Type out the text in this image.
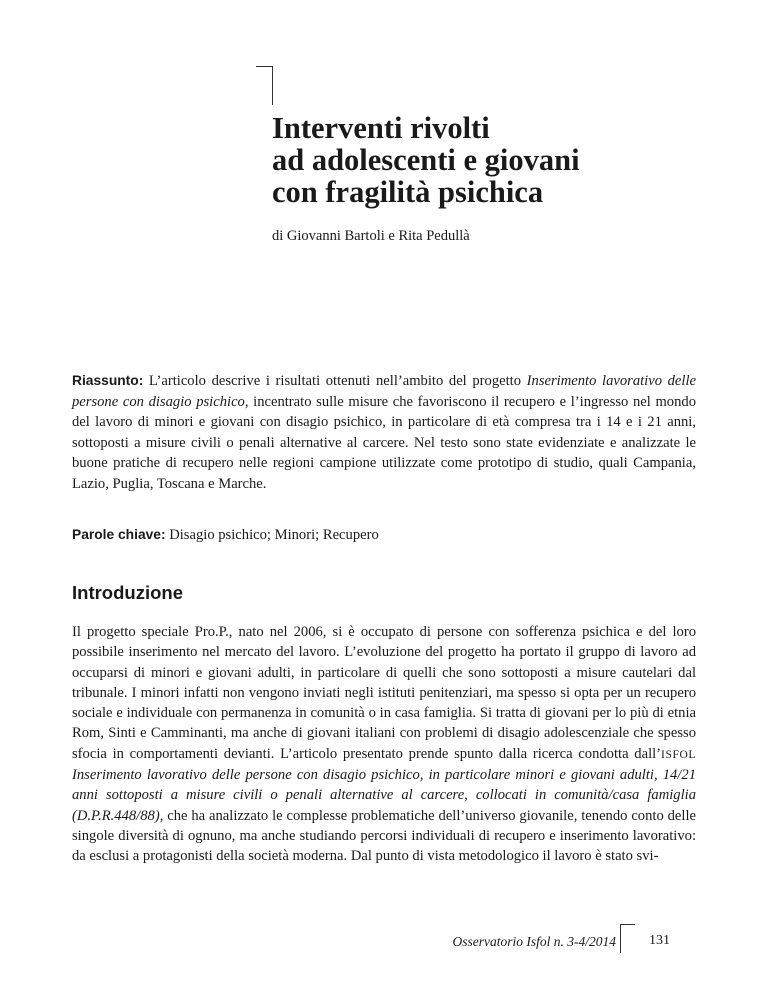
Interventi rivolti
ad adolescenti e giovani
con fragilità psichica

di Giovanni Bartoli e Rita Pedullà

Riassunto: L’articolo descrive i risultati ottenuti nell’ambito del progetto Inserimento lavorativo delle persone con disagio psichico, incentrato sulle misure che favoriscono il recupero e l’ingresso nel mondo del lavoro di minori e giovani con disagio psichico, in particolare di età compresa tra i 14 e i 21 anni, sottoposti a misure civili o penali alternative al carcere. Nel testo sono state evidenziate e analizzate le buone pratiche di recupero nelle regioni campione utilizzate come prototipo di studio, quali Campania, Lazio, Puglia, Toscana e Marche.

Parole chiave: Disagio psichico; Minori; Recupero

Introduzione

Il progetto speciale Pro.P., nato nel 2006, si è occupato di persone con sofferenza psichica e del loro possibile inserimento nel mercato del lavoro. L’evoluzione del progetto ha portato il gruppo di lavoro ad occuparsi di minori e giovani adulti, in particolare di quelli che sono sottoposti a misure cautelari dal tribunale. I minori infatti non vengono inviati negli istituti penitenziari, ma spesso si opta per un recupero sociale e individuale con permanenza in comunità o in casa famiglia. Si tratta di giovani per lo più di etnia Rom, Sinti e Camminanti, ma anche di giovani italiani con problemi di disagio adolescenziale che spesso sfocia in comportamenti devianti. L’articolo presentato prende spunto dalla ricerca condotta dall’ISFOL Inserimento lavorativo delle persone con disagio psichico, in particolare minori e giovani adulti, 14/21 anni sottoposti a misure civili o penali alternative al carcere, collocati in comunità/casa famiglia (D.P.R.448/88), che ha analizzato le complesse problematiche dell’universo giovanile, tenendo conto delle singole diversità di ognuno, ma anche studiando percorsi individuali di recupero e inserimento lavorativo: da esclusi a protagonisti della società moderna. Dal punto di vista metodologico il lavoro è stato svi-

Osservatorio Isfol n. 3-4/2014 131
